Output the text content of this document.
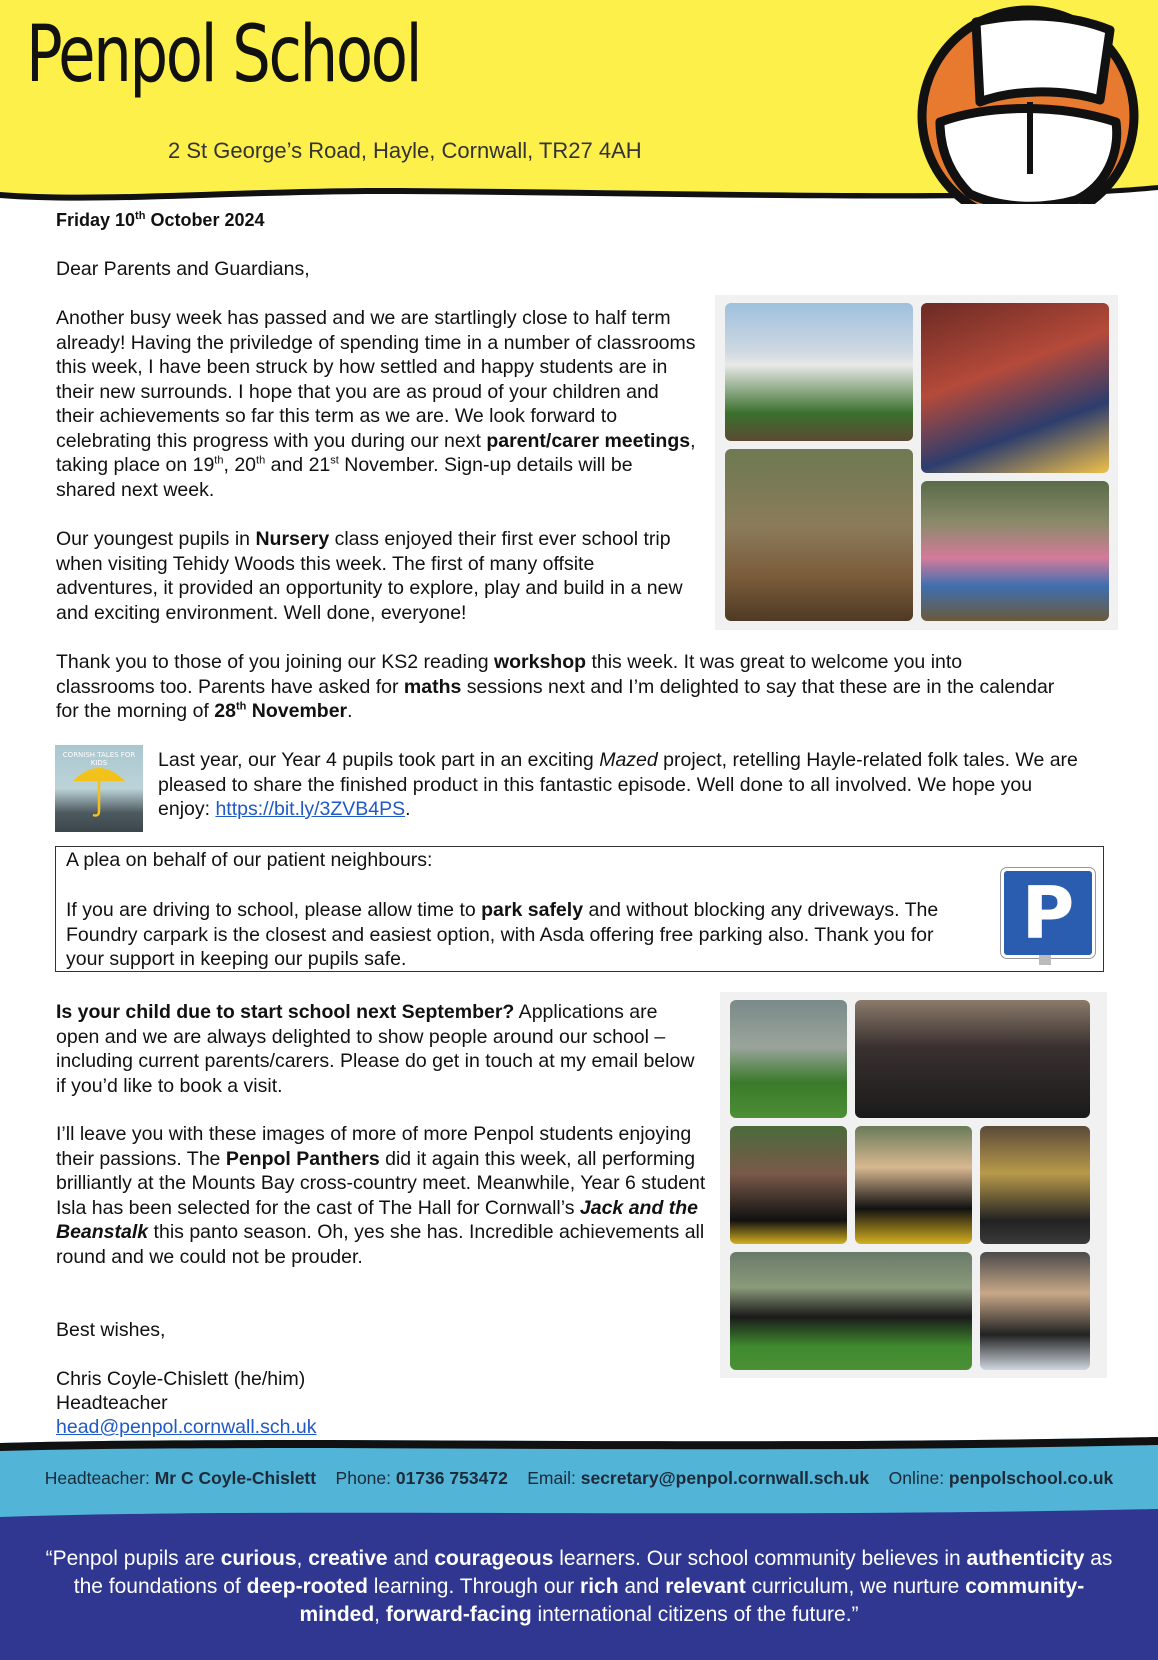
Penpol School
2 St George’s Road, Hayle, Cornwall, TR27 4AH
Friday 10th October 2024
Dear Parents and Guardians,
Another busy week has passed and we are startlingly close to half term already! Having the priviledge of spending time in a number of classrooms this week, I have been struck by how settled and happy students are in their new surrounds. I hope that you are as proud of your children and their achievements so far this term as we are. We look forward to celebrating this progress with you during our next parent/carer meetings, taking place on 19th, 20th and 21st November. Sign-up details will be shared next week.
Our youngest pupils in Nursery class enjoyed their first ever school trip when visiting Tehidy Woods this week. The first of many offsite adventures, it provided an opportunity to explore, play and build in a new and exciting environment. Well done, everyone!
Thank you to those of you joining our KS2 reading workshop this week. It was great to welcome you into classrooms too. Parents have asked for maths sessions next and I’m delighted to say that these are in the calendar for the morning of 28th November.
CORNISH TALES FOR KIDS	Last year, our Year 4 pupils took part in an exciting Mazed project, retelling Hayle-related folk tales. We are pleased to share the finished product in this fantastic episode. Well done to all involved. We hope you enjoy: https://bit.ly/3ZVB4PS.
A plea on behalf of our patient neighbours:
If you are driving to school, please allow time to park safely and without blocking any driveways. The Foundry carpark is the closest and easiest option, with Asda offering free parking also. Thank you for your support in keeping our pupils safe.
P
Is your child due to start school next September? Applications are open and we are always delighted to show people around our school – including current parents/carers. Please do get in touch at my email below if you’d like to book a visit.
I’ll leave you with these images of more of more Penpol students enjoying their passions. The Penpol Panthers did it again this week, all performing brilliantly at the Mounts Bay cross-country meet. Meanwhile, Year 6 student Isla has been selected for the cast of The Hall for Cornwall’s Jack and the Beanstalk this panto season. Oh, yes she has. Incredible achievements all round and we could not be prouder.
Best wishes,
Chris Coyle-Chislett (he/him)
Headteacher
head@penpol.cornwall.sch.uk
Headteacher: Mr C Coyle-Chislett Phone: 01736 753472 Email: secretary@penpol.cornwall.sch.uk Online: penpolschool.co.uk
“Penpol pupils are curious, creative and courageous learners. Our school community believes in authenticity as the foundations of deep-rooted learning. Through our rich and relevant curriculum, we nurture community-minded, forward-facing international citizens of the future.”
